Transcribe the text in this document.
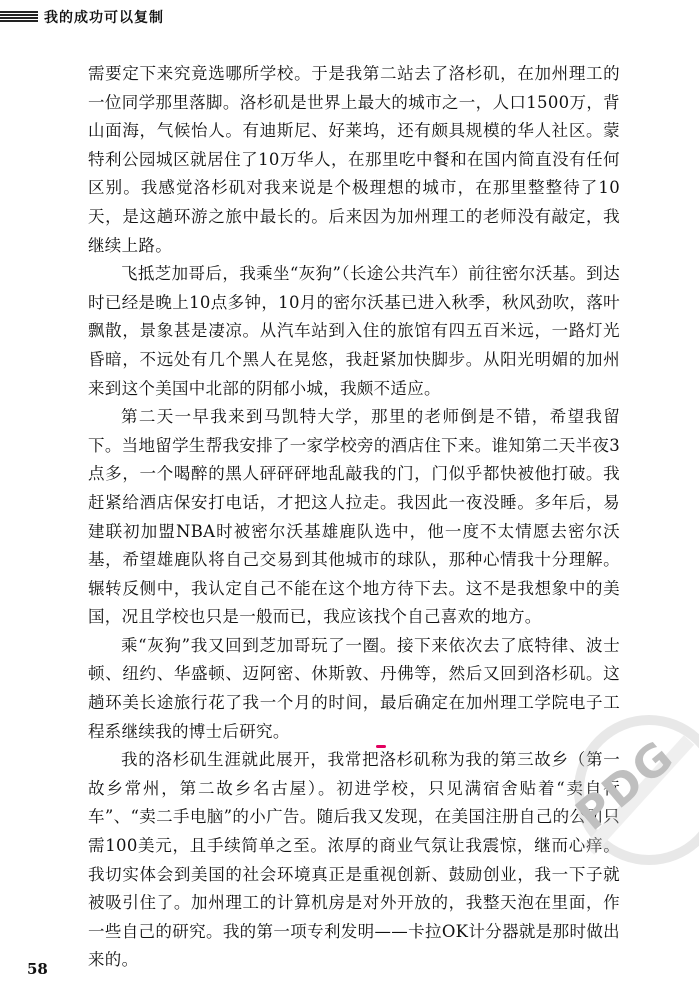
我的成功可以复制

需要定下来究竟选哪所学校。于是我第二站去了洛杉矶，在加州理工的一位同学那里落脚。洛杉矶是世界上最大的城市之一，人口1500万，背山面海，气候怡人。有迪斯尼、好莱坞，还有颇具规模的华人社区。蒙特利公园城区就居住了10万华人，在那里吃中餐和在国内简直没有任何区别。我感觉洛杉矶对我来说是个极理想的城市，在那里整整待了10天，是这趟环游之旅中最长的。后来因为加州理工的老师没有敲定，我继续上路。

飞抵芝加哥后，我乘坐“灰狗”（长途公共汽车）前往密尔沃基。到达时已经是晚上10点多钟，10月的密尔沃基已进入秋季，秋风劲吹，落叶飘散，景象甚是凄凉。从汽车站到入住的旅馆有四五百米远，一路灯光昏暗，不远处有几个黑人在晃悠，我赶紧加快脚步。从阳光明媚的加州来到这个美国中北部的阴郁小城，我颇不适应。

第二天一早我来到马凯特大学，那里的老师倒是不错，希望我留下。当地留学生帮我安排了一家学校旁的酒店住下来。谁知第二天半夜3点多，一个喝醉的黑人砰砰砰地乱敲我的门，门似乎都快被他打破。我赶紧给酒店保安打电话，才把这人拉走。我因此一夜没睡。多年后，易建联初加盟NBA时被密尔沃基雄鹿队选中，他一度不太情愿去密尔沃基，希望雄鹿队将自己交易到其他城市的球队，那种心情我十分理解。辗转反侧中，我认定自己不能在这个地方待下去。这不是我想象中的美国，况且学校也只是一般而已，我应该找个自己喜欢的地方。

乘“灰狗”我又回到芝加哥玩了一圈。接下来依次去了底特律、波士顿、纽约、华盛顿、迈阿密、休斯敦、丹佛等，然后又回到洛杉矶。这趟环美长途旅行花了我一个月的时间，最后确定在加州理工学院电子工程系继续我的博士后研究。

我的洛杉矶生涯就此展开，我常把洛杉矶称为我的第三故乡（第一故乡常州，第二故乡名古屋）。初进学校，只见满宿舍贴着“卖自行车”、“卖二手电脑”的小广告。随后我又发现，在美国注册自己的公司只需100美元，且手续简单之至。浓厚的商业气氛让我震惊，继而心痒。我切实体会到美国的社会环境真正是重视创新、鼓励创业，我一下子就被吸引住了。加州理工的计算机房是对外开放的，我整天泡在里面，作一些自己的研究。我的第一项专利发明——卡拉OK计分器就是那时做出来的。

PDG
58
